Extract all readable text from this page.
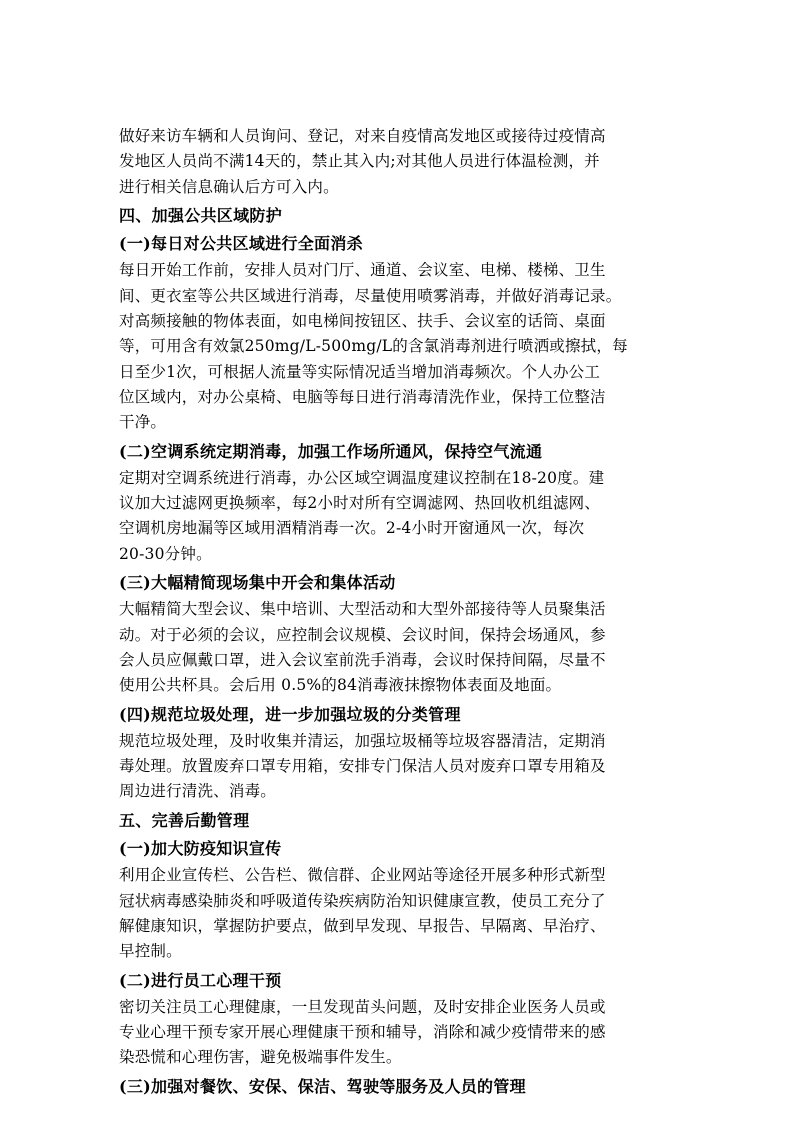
做好来访车辆和人员询问、登记，对来自疫情高发地区或接待过疫情高
发地区人员尚不满14天的，禁止其入内;对其他人员进行体温检测，并
进行相关信息确认后方可入内。
四、加强公共区域防护
(一)每日对公共区域进行全面消杀
每日开始工作前，安排人员对门厅、通道、会议室、电梯、楼梯、卫生
间、更衣室等公共区域进行消毒，尽量使用喷雾消毒，并做好消毒记录。
对高频接触的物体表面，如电梯间按钮区、扶手、会议室的话筒、桌面
等，可用含有效氯250mg/L-500mg/L的含氯消毒剂进行喷洒或擦拭，每
日至少1次，可根据人流量等实际情况适当增加消毒频次。个人办公工
位区域内，对办公桌椅、电脑等每日进行消毒清洗作业，保持工位整洁
干净。
(二)空调系统定期消毒，加强工作场所通风，保持空气流通
定期对空调系统进行消毒，办公区域空调温度建议控制在18-20度。建
议加大过滤网更换频率，每2小时对所有空调滤网、热回收机组滤网、
空调机房地漏等区域用酒精消毒一次。2-4小时开窗通风一次，每次
20-30分钟。
(三)大幅精简现场集中开会和集体活动
大幅精简大型会议、集中培训、大型活动和大型外部接待等人员聚集活
动。对于必须的会议，应控制会议规模、会议时间，保持会场通风，参
会人员应佩戴口罩，进入会议室前洗手消毒，会议时保持间隔，尽量不
使用公共杯具。会后用 0.5%的84消毒液抹擦物体表面及地面。
(四)规范垃圾处理，进一步加强垃圾的分类管理
规范垃圾处理，及时收集并清运，加强垃圾桶等垃圾容器清洁，定期消
毒处理。放置废弃口罩专用箱，安排专门保洁人员对废弃口罩专用箱及
周边进行清洗、消毒。
五、完善后勤管理
(一)加大防疫知识宣传
利用企业宣传栏、公告栏、微信群、企业网站等途径开展多种形式新型
冠状病毒感染肺炎和呼吸道传染疾病防治知识健康宣教，使员工充分了
解健康知识，掌握防护要点，做到早发现、早报告、早隔离、早治疗、
早控制。
(二)进行员工心理干预
密切关注员工心理健康，一旦发现苗头问题，及时安排企业医务人员或
专业心理干预专家开展心理健康干预和辅导，消除和减少疫情带来的感
染恐慌和心理伤害，避免极端事件发生。
(三)加强对餐饮、安保、保洁、驾驶等服务及人员的管理
